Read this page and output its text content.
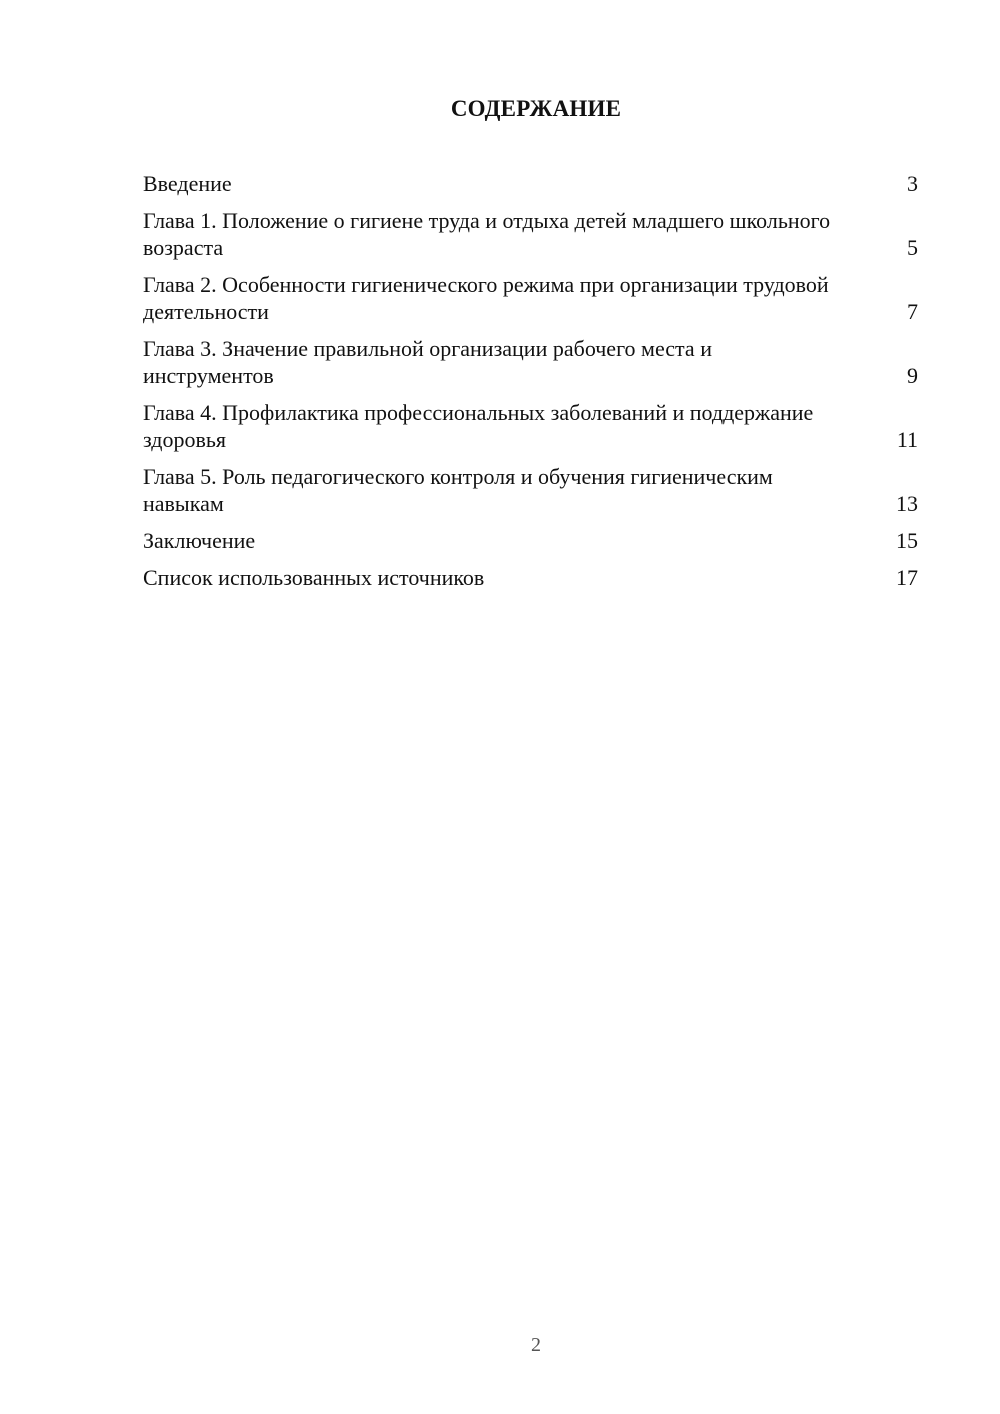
СОДЕРЖАНИЕ
Введение	3
Глава 1. Положение о гигиене труда и отдыха детей младшего школьного возраста	5
Глава 2. Особенности гигиенического режима при организации трудовой деятельности	7
Глава 3. Значение правильной организации рабочего места и инструментов	9
Глава 4. Профилактика профессиональных заболеваний и поддержание здоровья	11
Глава 5. Роль педагогического контроля и обучения гигиеническим навыкам	13
Заключение	15
Список использованных источников	17
2
